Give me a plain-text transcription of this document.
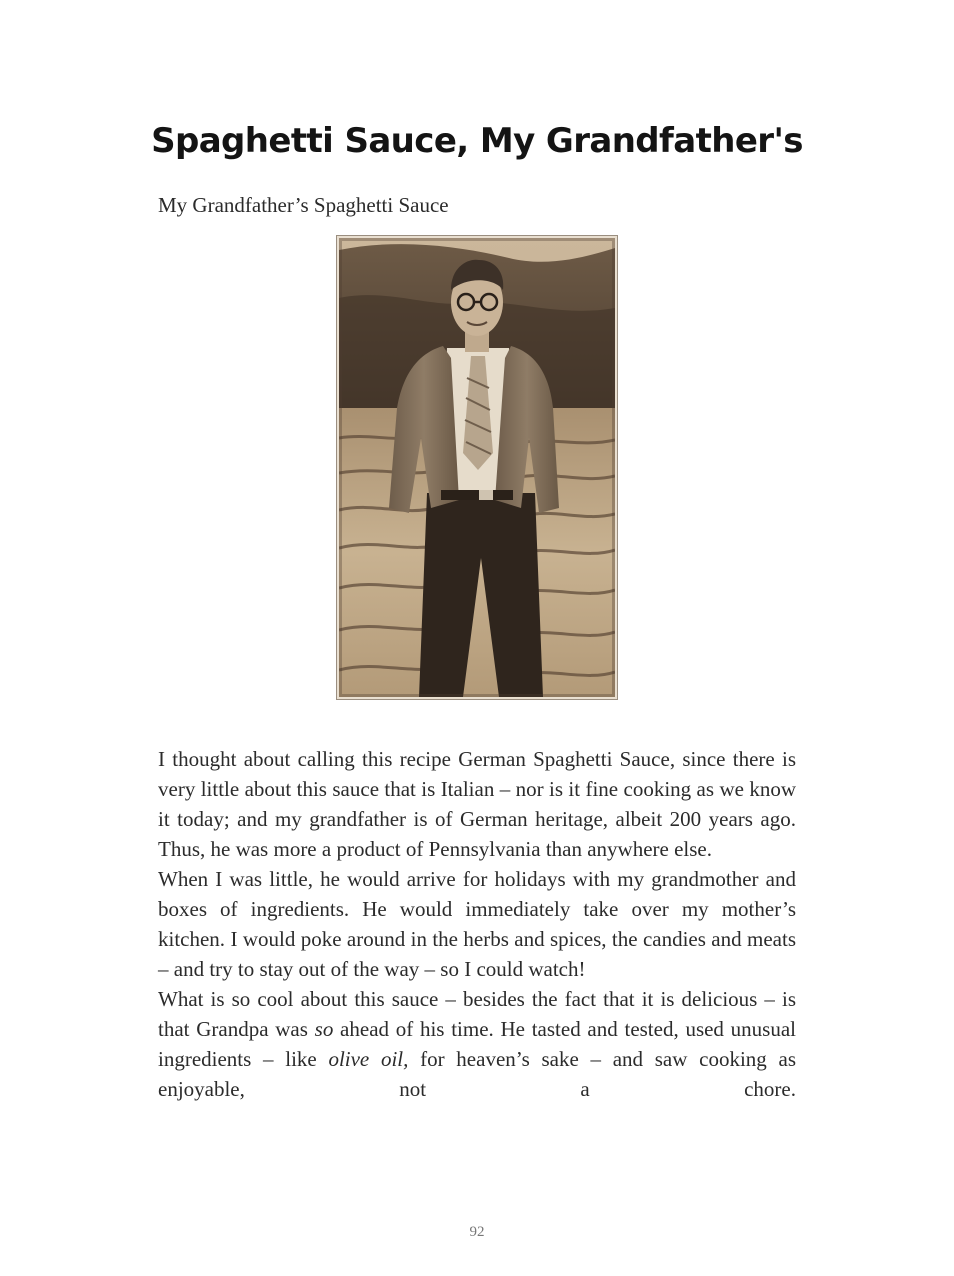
Spaghetti Sauce, My Grandfather's

My Grandfather’s Spaghetti Sauce

I thought about calling this recipe German Spaghetti Sauce, since there is very little about this sauce that is Italian – nor is it fine cooking as we know it today; and my grandfather is of German heritage, albeit 200 years ago. Thus, he was more a product of Pennsylvania than anywhere else.

When I was little, he would arrive for holidays with my grandmother and boxes of ingredients. He would immediately take over my mother’s kitchen. I would poke around in the herbs and spices, the candies and meats – and try to stay out of the way – so I could watch!

What is so cool about this sauce – besides the fact that it is delicious – is that Grandpa was so ahead of his time. He tasted and tested, used unusual ingredients – like olive oil, for heaven’s sake – and saw cooking as enjoyable, not a chore.

92
